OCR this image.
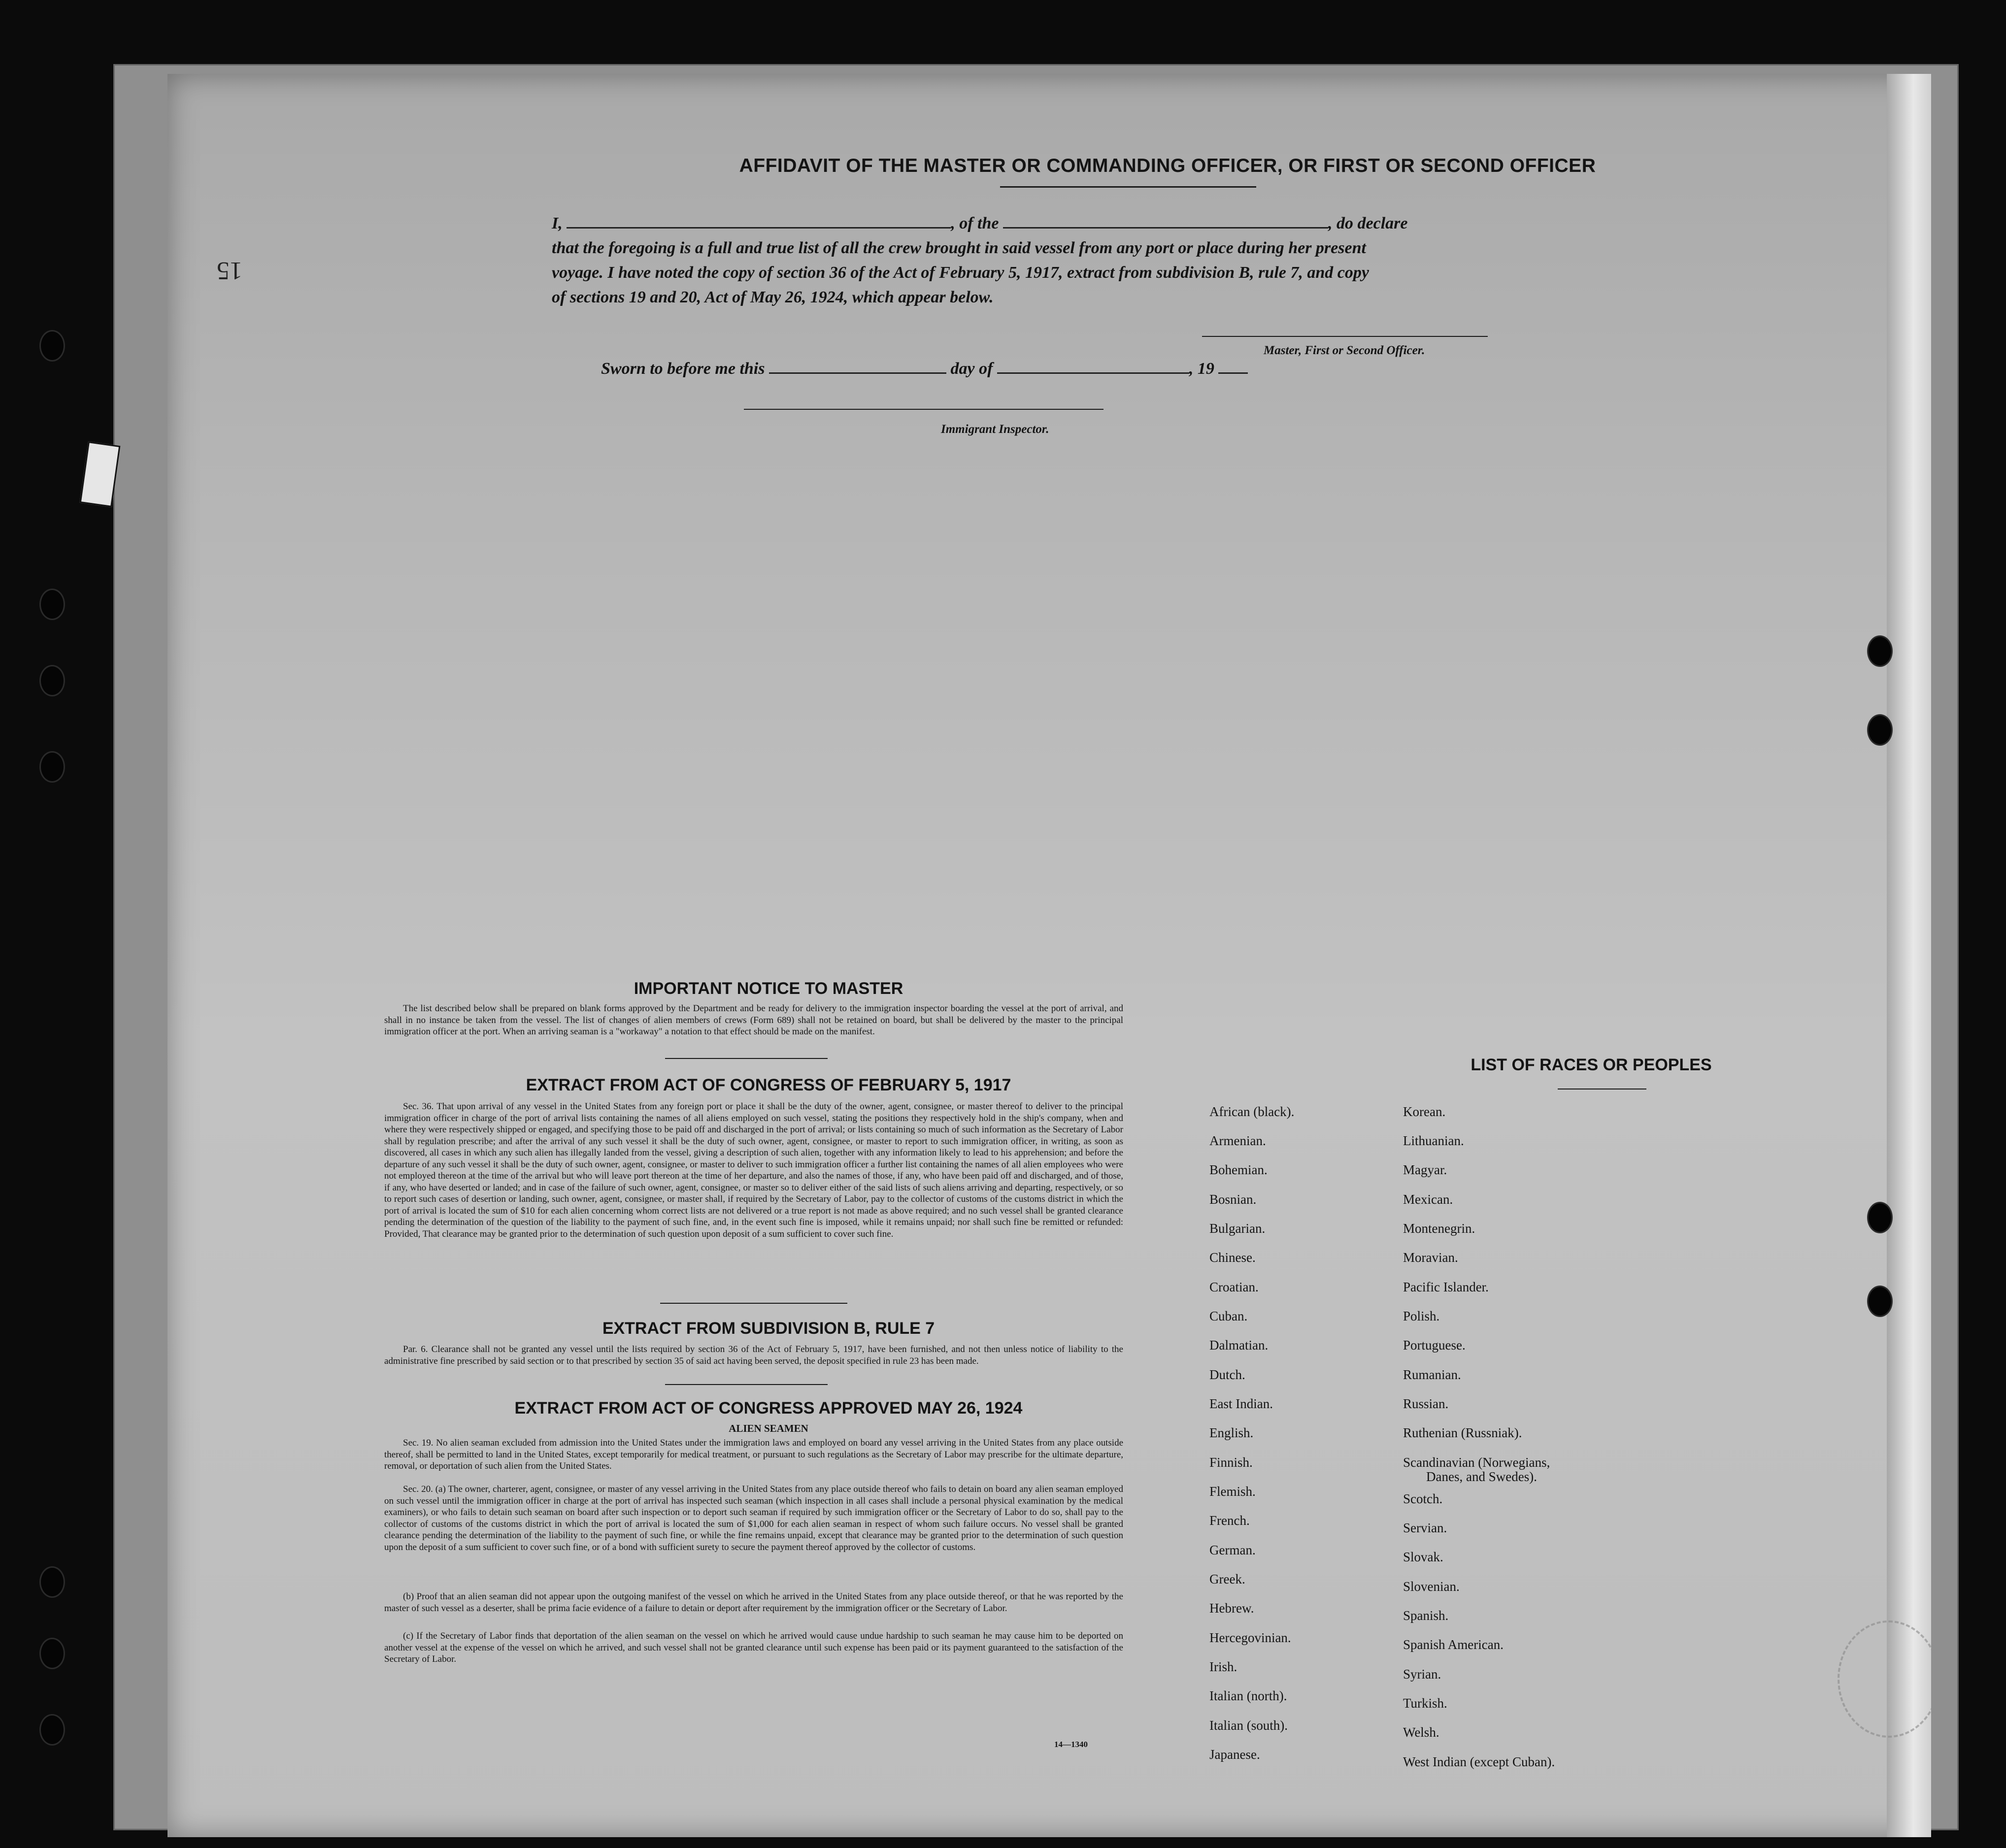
AFFIDAVIT OF THE MASTER OR COMMANDING OFFICER, OR FIRST OR SECOND OFFICER
I,	, of the	, do declare
that the foregoing is a full and true list of all the crew brought in said vessel from any port or place during her present
voyage. I have noted the copy of section 36 of the Act of February 5, 1917, extract from subdivision B, rule 7, and copy
of sections 19 and 20, Act of May 26, 1924, which appear below.
Master, First or Second Officer.
Sworn to before me this	day of	, 19
Immigrant Inspector.
IMPORTANT NOTICE TO MASTER
The list described below shall be prepared on blank forms approved by the Department and be ready for delivery to the immigration inspector boarding the vessel at the port of arrival, and shall in no instance be taken from the vessel. The list of changes of alien members of crews (Form 689) shall not be retained on board, but shall be delivered by the master to the principal immigration officer at the port. When an arriving seaman is a "workaway" a notation to that effect should be made on the manifest.
EXTRACT FROM ACT OF CONGRESS OF FEBRUARY 5, 1917
Sec. 36. That upon arrival of any vessel in the United States from any foreign port or place it shall be the duty of the owner, agent, consignee, or master thereof to deliver to the principal immigration officer in charge of the port of arrival lists containing the names of all aliens employed on such vessel, stating the positions they respectively hold in the ship's company, when and where they were respectively shipped or engaged, and specifying those to be paid off and discharged in the port of arrival; or lists containing so much of such information as the Secretary of Labor shall by regulation prescribe; and after the arrival of any such vessel it shall be the duty of such owner, agent, consignee, or master to report to such immigration officer, in writing, as soon as discovered, all cases in which any such alien has illegally landed from the vessel, giving a description of such alien, together with any information likely to lead to his apprehension; and before the departure of any such vessel it shall be the duty of such owner, agent, consignee, or master to deliver to such immigration officer a further list containing the names of all alien employees who were not employed thereon at the time of the arrival but who will leave port thereon at the time of her departure, and also the names of those, if any, who have been paid off and discharged, and of those, if any, who have deserted or landed; and in case of the failure of such owner, agent, consignee, or master so to deliver either of the said lists of such aliens arriving and departing, respectively, or so to report such cases of desertion or landing, such owner, agent, consignee, or master shall, if required by the Secretary of Labor, pay to the collector of customs of the customs district in which the port of arrival is located the sum of $10 for each alien concerning whom correct lists are not delivered or a true report is not made as above required; and no such vessel shall be granted clearance pending the determination of the question of the liability to the payment of such fine, and, in the event such fine is imposed, while it remains unpaid; nor shall such fine be remitted or refunded: Provided, That clearance may be granted prior to the determination of such question upon deposit of a sum sufficient to cover such fine.
EXTRACT FROM SUBDIVISION B, RULE 7
Par. 6. Clearance shall not be granted any vessel until the lists required by section 36 of the Act of February 5, 1917, have been furnished, and not then unless notice of liability to the administrative fine prescribed by said section or to that prescribed by section 35 of said act having been served, the deposit specified in rule 23 has been made.
EXTRACT FROM ACT OF CONGRESS APPROVED MAY 26, 1924
ALIEN SEAMEN
Sec. 19. No alien seaman excluded from admission into the United States under the immigration laws and employed on board any vessel arriving in the United States from any place outside thereof, shall be permitted to land in the United States, except temporarily for medical treatment, or pursuant to such regulations as the Secretary of Labor may prescribe for the ultimate departure, removal, or deportation of such alien from the United States.
Sec. 20. (a) The owner, charterer, agent, consignee, or master of any vessel arriving in the United States from any place outside thereof who fails to detain on board any alien seaman employed on such vessel until the immigration officer in charge at the port of arrival has inspected such seaman (which inspection in all cases shall include a personal physical examination by the medical examiners), or who fails to detain such seaman on board after such inspection or to deport such seaman if required by such immigration officer or the Secretary of Labor to do so, shall pay to the collector of customs of the customs district in which the port of arrival is located the sum of $1,000 for each alien seaman in respect of whom such failure occurs. No vessel shall be granted clearance pending the determination of the liability to the payment of such fine, or while the fine remains unpaid, except that clearance may be granted prior to the determination of such question upon the deposit of a sum sufficient to cover such fine, or of a bond with sufficient surety to secure the payment thereof approved by the collector of customs.
(b) Proof that an alien seaman did not appear upon the outgoing manifest of the vessel on which he arrived in the United States from any place outside thereof, or that he was reported by the master of such vessel as a deserter, shall be prima facie evidence of a failure to detain or deport after requirement by the immigration officer or the Secretary of Labor.
(c) If the Secretary of Labor finds that deportation of the alien seaman on the vessel on which he arrived would cause undue hardship to such seaman he may cause him to be deported on another vessel at the expense of the vessel on which he arrived, and such vessel shall not be granted clearance until such expense has been paid or its payment guaranteed to the satisfaction of the Secretary of Labor.
14—1340
LIST OF RACES OR PEOPLES
African (black).
Armenian.
Bohemian.
Bosnian.
Bulgarian.
Chinese.
Croatian.
Cuban.
Dalmatian.
Dutch.
East Indian.
English.
Finnish.
Flemish.
French.
German.
Greek.
Hebrew.
Hercegovinian.
Irish.
Italian (north).
Italian (south).
Japanese.
Korean.
Lithuanian.
Magyar.
Mexican.
Montenegrin.
Moravian.
Pacific Islander.
Polish.
Portuguese.
Rumanian.
Russian.
Ruthenian (Russniak).
Scandinavian (Norwegians,
Danes, and Swedes).
Scotch.
Servian.
Slovak.
Slovenian.
Spanish.
Spanish American.
Syrian.
Turkish.
Welsh.
West Indian (except Cuban).
15
